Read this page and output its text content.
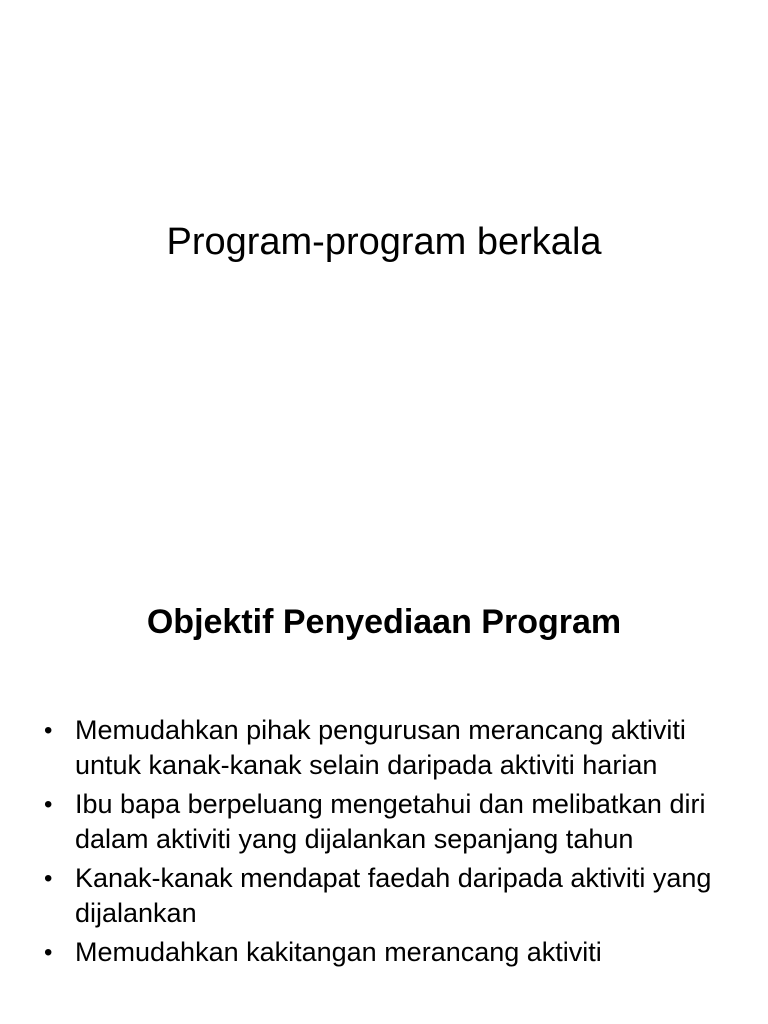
Program-program berkala
Objektif Penyediaan Program
• Memudahkan pihak pengurusan merancang aktiviti untuk kanak-kanak selain daripada aktiviti harian
• Ibu bapa berpeluang mengetahui dan melibatkan diri dalam aktiviti yang dijalankan sepanjang tahun
• Kanak-kanak mendapat faedah daripada aktiviti yang dijalankan
• Memudahkan kakitangan merancang aktiviti
